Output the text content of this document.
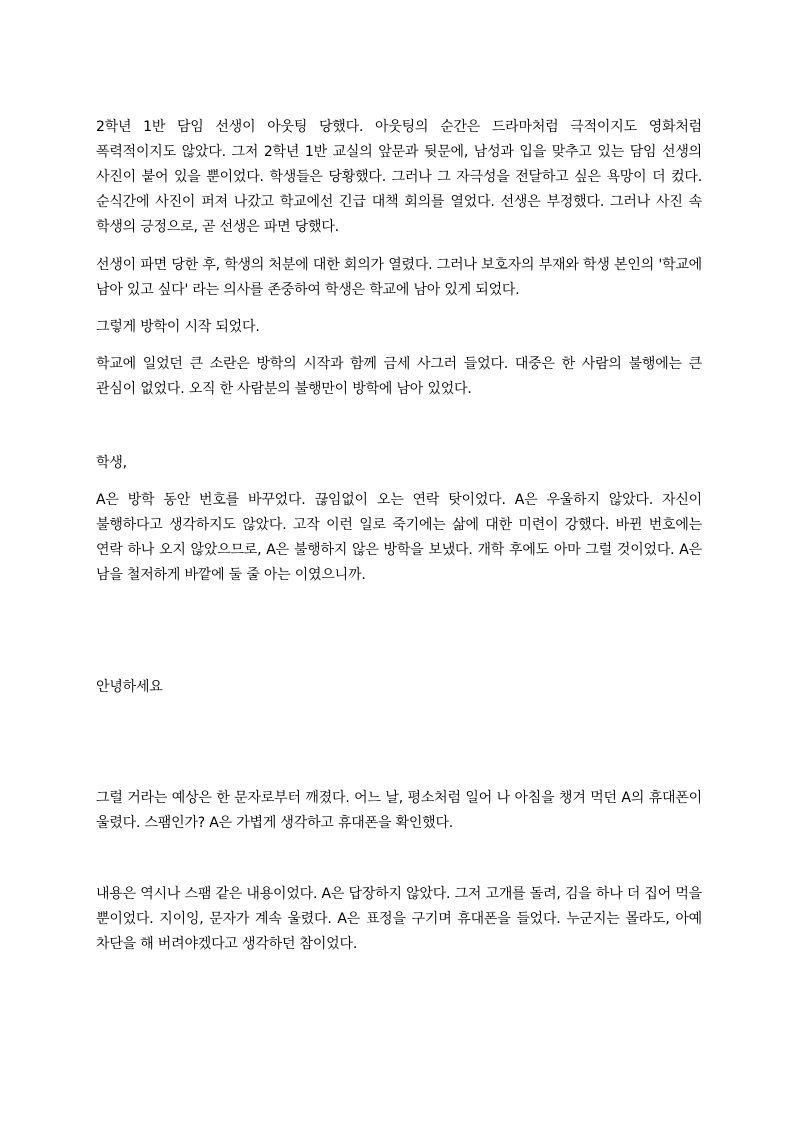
2학년 1반 담임 선생이 아웃팅 당했다. 아웃팅의 순간은 드라마처럼 극적이지도 영화처럼 폭력적이지도 않았다. 그저 2학년 1반 교실의 앞문과 뒷문에, 남성과 입을 맞추고 있는 담임 선생의 사진이 붙어 있을 뿐이었다. 학생들은 당황했다. 그러나 그 자극성을 전달하고 싶은 욕망이 더 컸다. 순식간에 사진이 퍼져 나갔고 학교에선 긴급 대책 회의를 열었다. 선생은 부정했다. 그러나 사진 속 학생의 긍정으로, 곧 선생은 파면 당했다.

선생이 파면 당한 후, 학생의 처분에 대한 회의가 열렸다. 그러나 보호자의 부재와 학생 본인의 '학교에 남아 있고 싶다' 라는 의사를 존중하여 학생은 학교에 남아 있게 되었다.

그렇게 방학이 시작 되었다.

학교에 일었던 큰 소란은 방학의 시작과 함께 금세 사그러 들었다. 대중은 한 사람의 불행에는 큰 관심이 없었다. 오직 한 사람분의 불행만이 방학에 남아 있었다.

학생,

A은 방학 동안 번호를 바꾸었다. 끊임없이 오는 연락 탓이었다. A은 우울하지 않았다. 자신이 불행하다고 생각하지도 않았다. 고작 이런 일로 죽기에는 삶에 대한 미련이 강했다. 바뀐 번호에는 연락 하나 오지 않았으므로, A은 불행하지 않은 방학을 보냈다. 개학 후에도 아마 그럴 것이었다. A은 남을 철저하게 바깥에 둘 줄 아는 이였으니까.

안녕하세요

그럴 거라는 예상은 한 문자로부터 깨졌다. 어느 날, 평소처럼 일어 나 아침을 챙겨 먹던 A의 휴대폰이 울렸다. 스팸인가? A은 가볍게 생각하고 휴대폰을 확인했다.

내용은 역시나 스팸 같은 내용이었다. A은 답장하지 않았다. 그저 고개를 돌려, 김을 하나 더 집어 먹을 뿐이었다. 지이잉, 문자가 계속 울렸다. A은 표정을 구기며 휴대폰을 들었다. 누군지는 몰라도, 아예 차단을 해 버려야겠다고 생각하던 참이었다.
